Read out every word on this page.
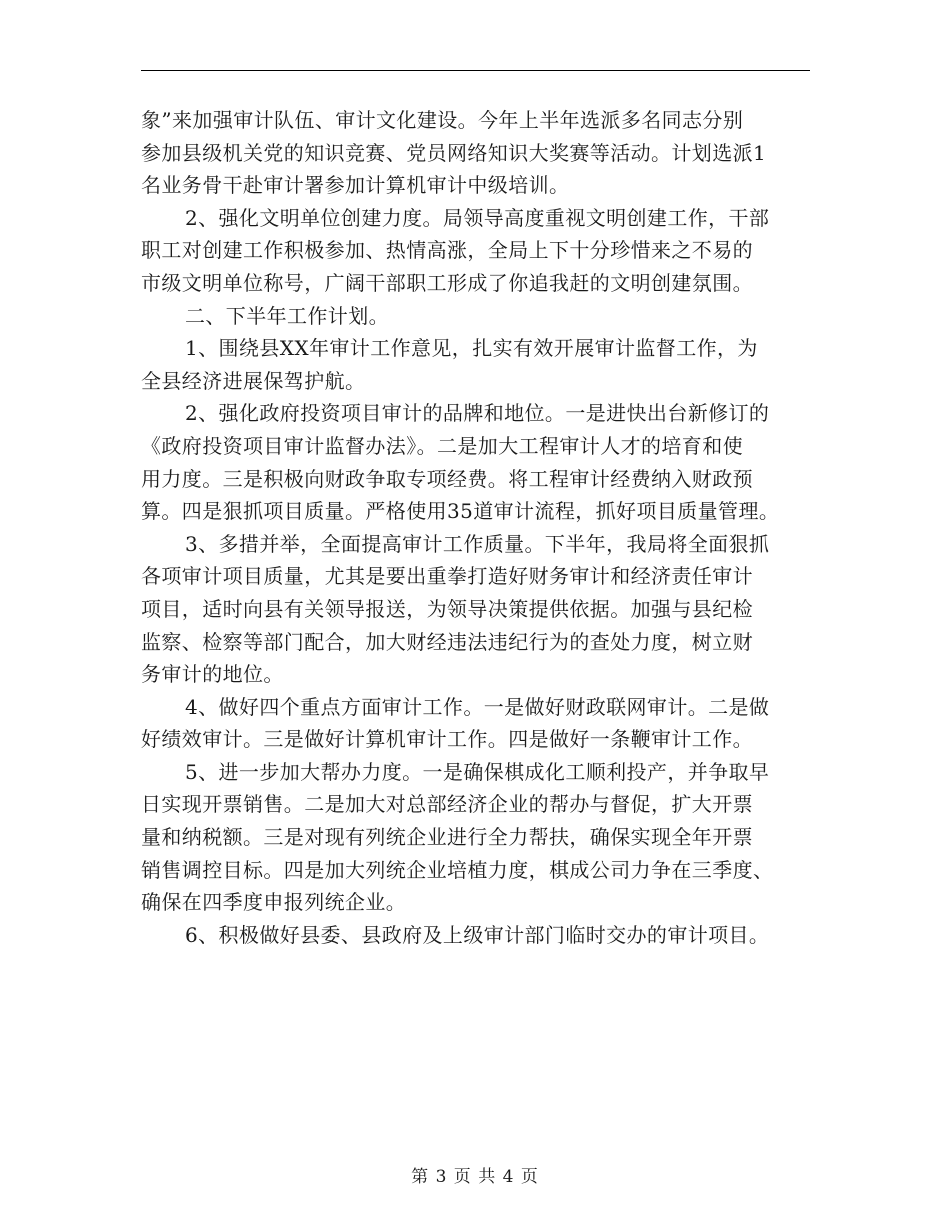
象”来加强审计队伍、审计文化建设。今年上半年选派多名同志分别
参加县级机关党的知识竞赛、党员网络知识大奖赛等活动。计划选派1
名业务骨干赴审计署参加计算机审计中级培训。
2、强化文明单位创建力度。局领导高度重视文明创建工作，干部
职工对创建工作积极参加、热情高涨，全局上下十分珍惜来之不易的
市级文明单位称号，广阔干部职工形成了你追我赶的文明创建氛围。
二、下半年工作计划。
1、围绕县XX年审计工作意见，扎实有效开展审计监督工作，为
全县经济进展保驾护航。
2、强化政府投资项目审计的品牌和地位。一是进快出台新修订的
《政府投资项目审计监督办法》。二是加大工程审计人才的培育和使
用力度。三是积极向财政争取专项经费。将工程审计经费纳入财政预
算。四是狠抓项目质量。严格使用35道审计流程，抓好项目质量管理。
3、多措并举，全面提高审计工作质量。下半年，我局将全面狠抓
各项审计项目质量，尤其是要出重拳打造好财务审计和经济责任审计
项目，适时向县有关领导报送，为领导决策提供依据。加强与县纪检
监察、检察等部门配合，加大财经违法违纪行为的查处力度，树立财
务审计的地位。
4、做好四个重点方面审计工作。一是做好财政联网审计。二是做
好绩效审计。三是做好计算机审计工作。四是做好一条鞭审计工作。
5、进一步加大帮办力度。一是确保棋成化工顺利投产，并争取早
日实现开票销售。二是加大对总部经济企业的帮办与督促，扩大开票
量和纳税额。三是对现有列统企业进行全力帮扶，确保实现全年开票
销售调控目标。四是加大列统企业培植力度，棋成公司力争在三季度、
确保在四季度申报列统企业。
6、积极做好县委、县政府及上级审计部门临时交办的审计项目。
第 3 页 共 4 页
